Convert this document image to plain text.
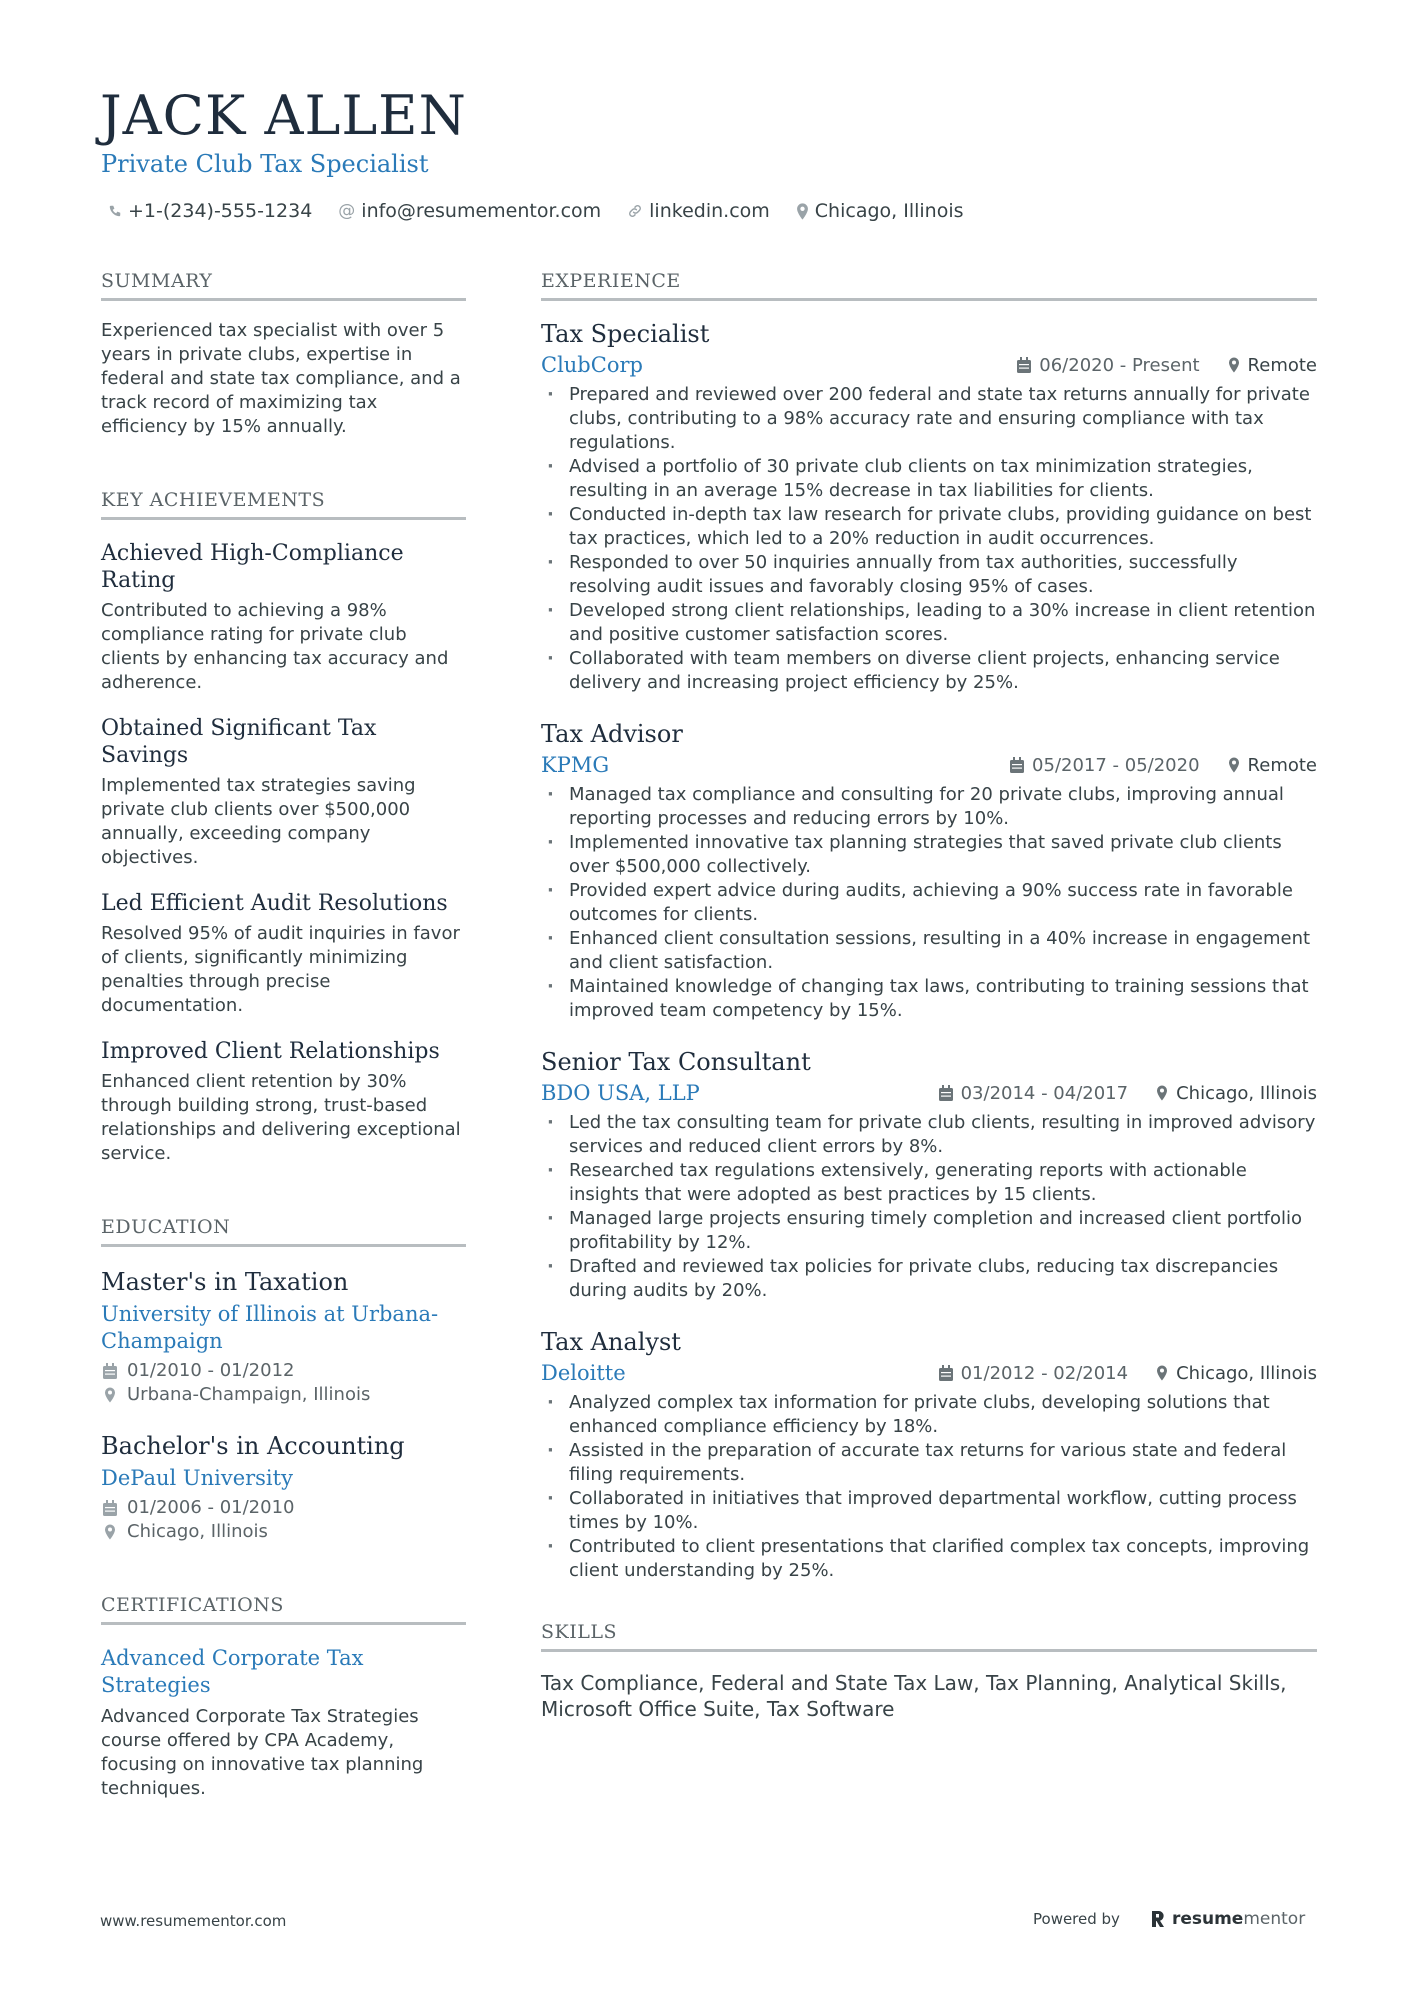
JACK ALLEN
Private Club Tax Specialist
+1-(234)-555-1234 @ info@resumementor.com	linkedin.com Chicago, Illinois
SUMMARY

Experienced tax specialist with over 5 years in private clubs, expertise in federal and state tax compliance, and a track record of maximizing tax efficiency by 15% annually.

KEY ACHIEVEMENTS
Achieved High-Compliance Rating
Contributed to achieving a 98% compliance rating for private club clients by enhancing tax accuracy and adherence.
Obtained Significant Tax Savings
Implemented tax strategies saving private club clients over $500,000 annually, exceeding company objectives.
Led Efficient Audit Resolutions
Resolved 95% of audit inquiries in favor of clients, significantly minimizing penalties through precise documentation.
Improved Client Relationships
Enhanced client retention by 30% through building strong, trust-based relationships and delivering exceptional service.
EDUCATION
Master's in Taxation
University of Illinois at Urbana-Champaign
01/2010 - 01/2012
Urbana-Champaign, Illinois
Bachelor's in Accounting
DePaul University
01/2006 - 01/2010
Chicago, Illinois
CERTIFICATIONS
Advanced Corporate Tax Strategies
Advanced Corporate Tax Strategies course offered by CPA Academy, focusing on innovative tax planning techniques.
EXPERIENCE
Tax Specialist
ClubCorp	06/2020 - Present	Remote
· Prepared and reviewed over 200 federal and state tax returns annually for private clubs, contributing to a 98% accuracy rate and ensuring compliance with tax regulations.
· Advised a portfolio of 30 private club clients on tax minimization strategies, resulting in an average 15% decrease in tax liabilities for clients.
· Conducted in-depth tax law research for private clubs, providing guidance on best tax practices, which led to a 20% reduction in audit occurrences.
· Responded to over 50 inquiries annually from tax authorities, successfully resolving audit issues and favorably closing 95% of cases.
· Developed strong client relationships, leading to a 30% increase in client retention and positive customer satisfaction scores.
· Collaborated with team members on diverse client projects, enhancing service delivery and increasing project efficiency by 25%.
Tax Advisor
KPMG	05/2017 - 05/2020	Remote
· Managed tax compliance and consulting for 20 private clubs, improving annual reporting processes and reducing errors by 10%.
· Implemented innovative tax planning strategies that saved private club clients over $500,000 collectively.
· Provided expert advice during audits, achieving a 90% success rate in favorable outcomes for clients.
· Enhanced client consultation sessions, resulting in a 40% increase in engagement and client satisfaction.
· Maintained knowledge of changing tax laws, contributing to training sessions that improved team competency by 15%.
Senior Tax Consultant
BDO USA, LLP	03/2014 - 04/2017	Chicago, Illinois
· Led the tax consulting team for private club clients, resulting in improved advisory services and reduced client errors by 8%.
· Researched tax regulations extensively, generating reports with actionable insights that were adopted as best practices by 15 clients.
· Managed large projects ensuring timely completion and increased client portfolio profitability by 12%.
· Drafted and reviewed tax policies for private clubs, reducing tax discrepancies during audits by 20%.
Tax Analyst
Deloitte	01/2012 - 02/2014	Chicago, Illinois
· Analyzed complex tax information for private clubs, developing solutions that enhanced compliance efficiency by 18%.
· Assisted in the preparation of accurate tax returns for various state and federal filing requirements.
· Collaborated in initiatives that improved departmental workflow, cutting process times by 10%.
· Contributed to client presentations that clarified complex tax concepts, improving client understanding by 25%.
SKILLS

Tax Compliance, Federal and State Tax Law, Tax Planning, Analytical Skills, Microsoft Office Suite, Tax Software

www.resumementor.com	Powered by	resume mentor
